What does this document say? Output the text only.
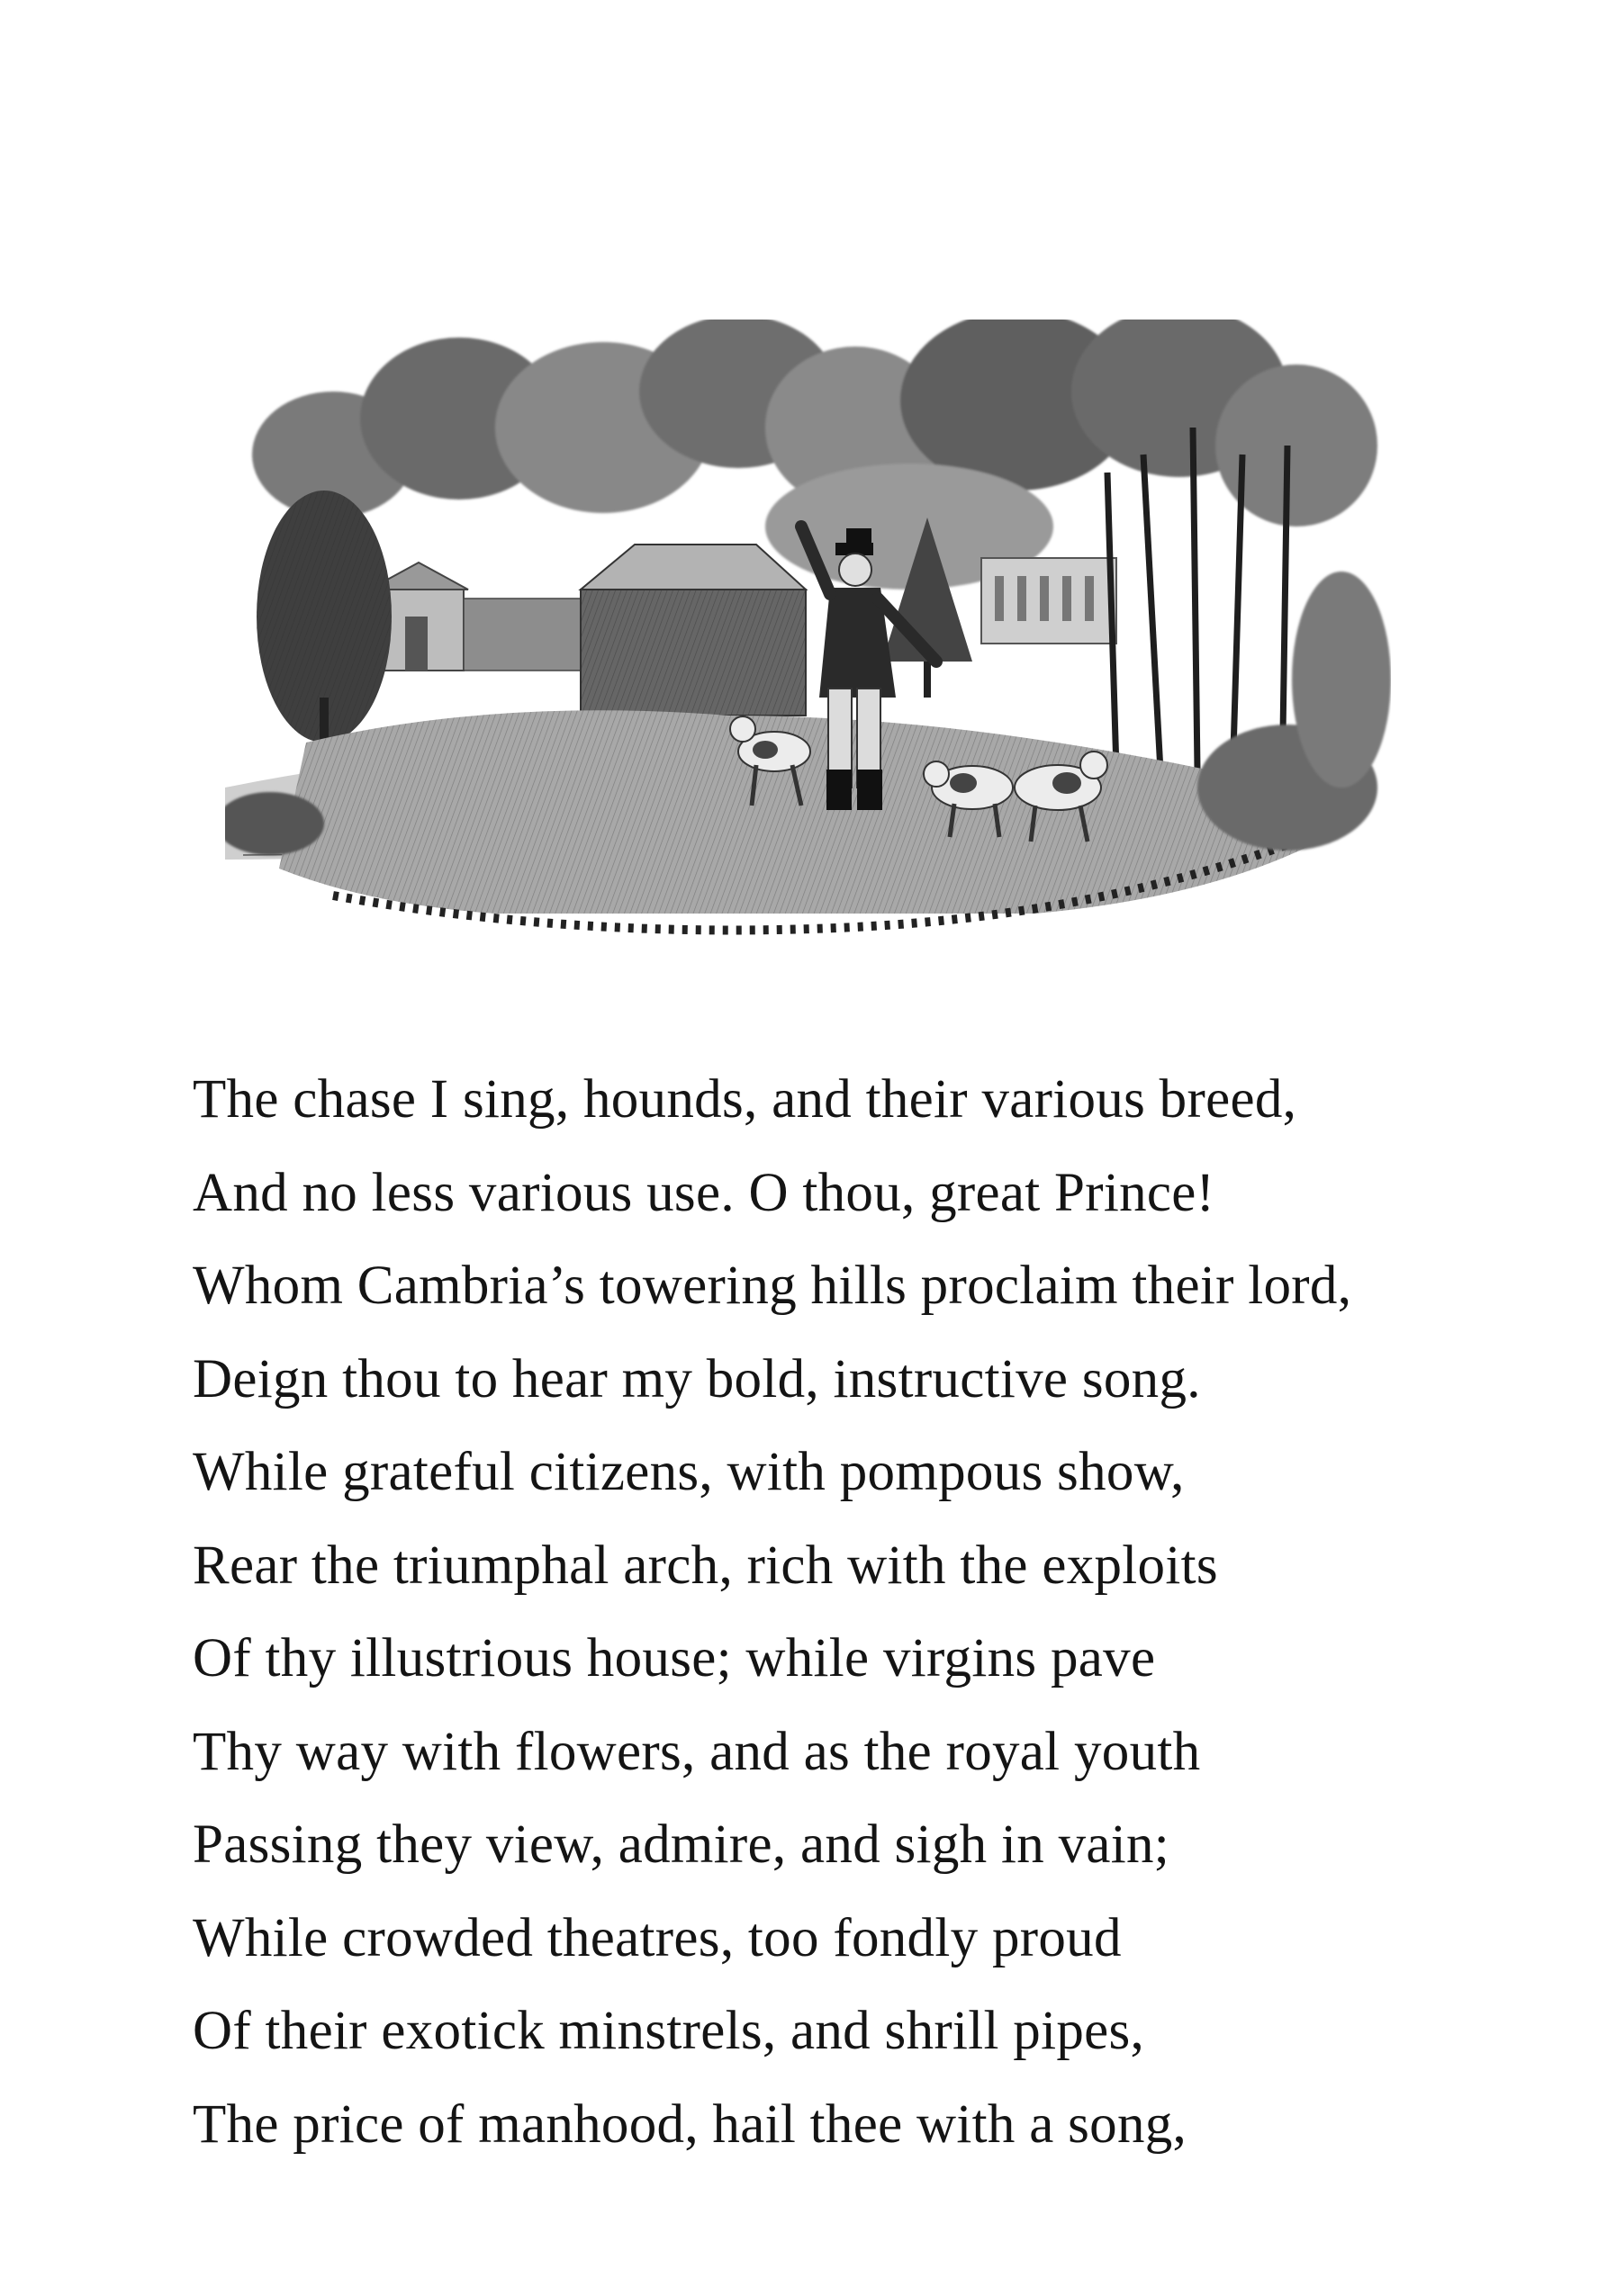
The chase I sing, hounds, and their various breed,
And no less various use. O thou, great Prince!
Whom Cambria’s towering hills proclaim their lord,
Deign thou to hear my bold, instructive song.
While grateful citizens, with pompous show,
Rear the triumphal arch, rich with the exploits
Of thy illustrious house; while virgins pave
Thy way with flowers, and as the royal youth
Passing they view, admire, and sigh in vain;
While crowded theatres, too fondly proud
Of their exotick minstrels, and shrill pipes,
The price of manhood, hail thee with a song,
